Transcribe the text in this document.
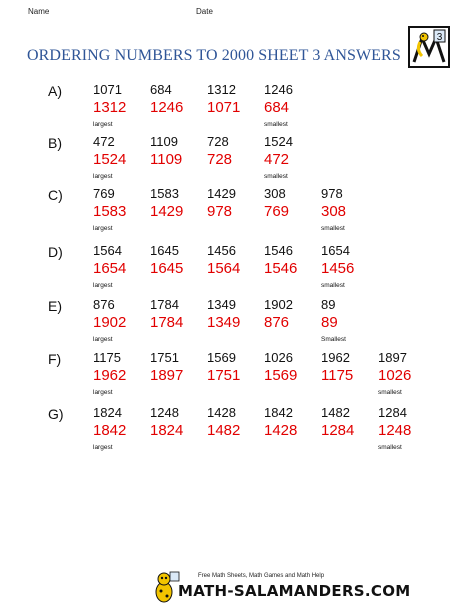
Name	Date
ORDERING NUMBERS TO 2000 SHEET 3 ANSWERS
3
A) 1071
1312
largest
684
1246
1312
1071
1246
684
smallest
B) 472
1524
largest
1109
1109
728
728
1524
472
smallest
C) 769
1583
largest
1583
1429
1429
978
308
769
978
308
smallest
D) 1564
1654
largest
1645
1645
1456
1564
1546
1546
1654
1456
smallest
E) 876
1902
largest
1784
1784
1349
1349
1902
876
89
89
Smallest
F) 1175
1962
largest
1751
1897
1569
1751
1026
1569
1962
1175
1897
1026
smallest
G) 1824
1842
largest
1248
1824
1428
1482
1842
1428
1482
1284
1284
1248
smallest
Free Math Sheets, Math Games and Math Help
MATH-SALAMANDERS.COM
